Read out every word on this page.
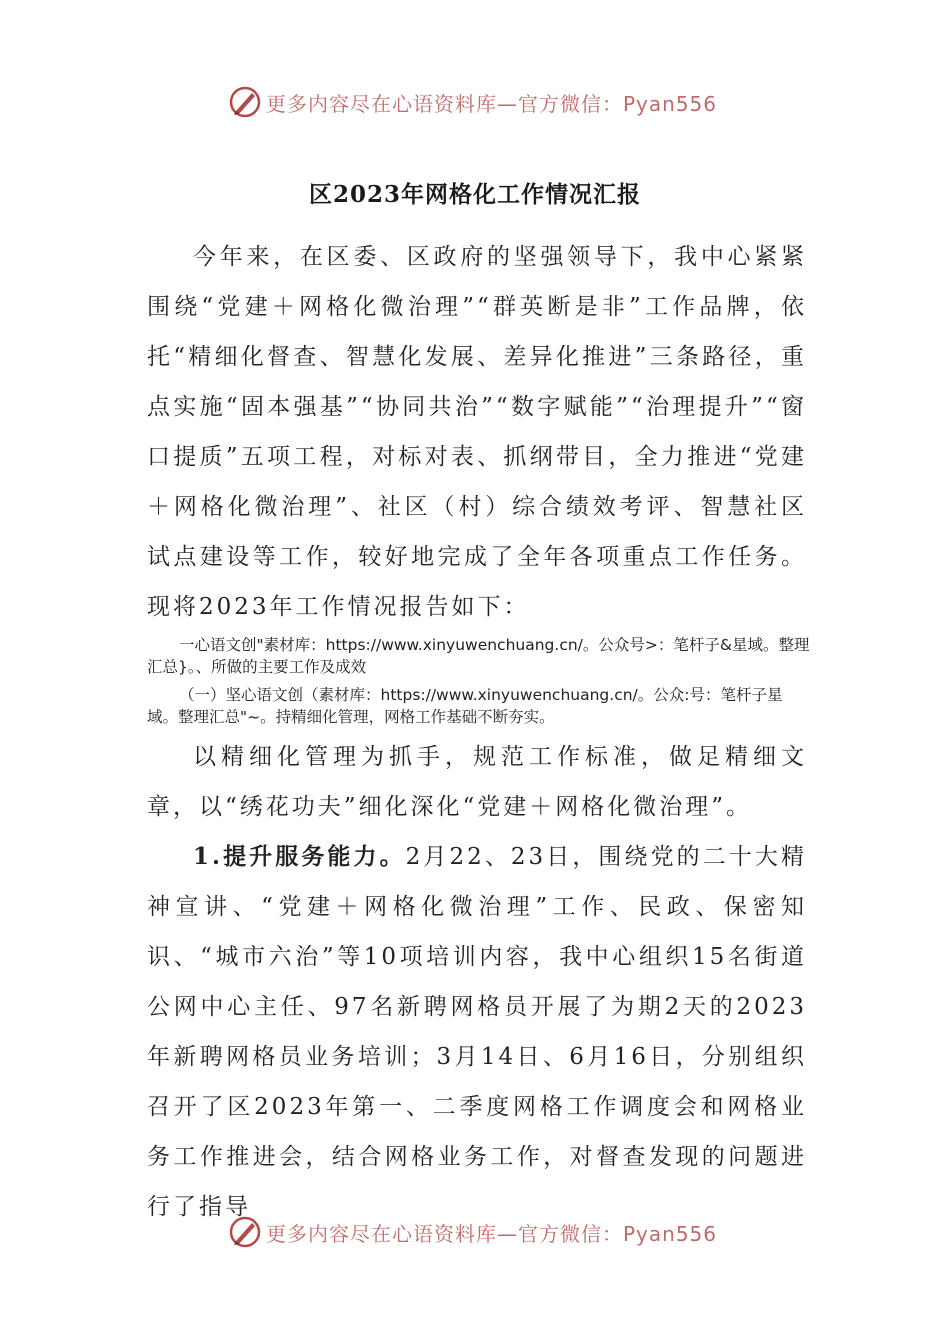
更多内容尽在心语资料库—官方微信：Pyan556
区2023年网格化工作情况汇报
今年来，在区委、区政府的坚强领导下，我中心紧紧围绕“党建＋网格化微治理”“群英断是非”工作品牌，依托“精细化督查、智慧化发展、差异化推进”三条路径，重点实施“固本强基”“协同共治”“数字赋能”“治理提升”“窗口提质”五项工程，对标对表、抓纲带目，全力推进“党建＋网格化微治理”、社区（村）综合绩效考评、智慧社区试点建设等工作，较好地完成了全年各项重点工作任务。现将2023年工作情况报告如下：
一心语文创"素材库：https://www.xinyuwenchuang.cn/。公众号>：笔杆子&星域。整理汇总}。、所做的主要工作及成效
（一）坚心语文创（素材库：https://www.xinyuwenchuang.cn/。公众:号：笔杆子星域。整理汇总"~。持精细化管理，网格工作基础不断夯实。
以精细化管理为抓手，规范工作标准，做足精细文章，以“绣花功夫”细化深化“党建＋网格化微治理”。
1.提升服务能力。2月22、23日，围绕党的二十大精神宣讲、“党建＋网格化微治理”工作、民政、保密知识、“城市六治”等10项培训内容，我中心组织15名街道公网中心主任、97名新聘网格员开展了为期2天的2023年新聘网格员业务培训；3月14日、6月16日，分别组织召开了区2023年第一、二季度网格工作调度会和网格业务工作推进会，结合网格业务工作，对督查发现的问题进行了指导
更多内容尽在心语资料库—官方微信：Pyan556
